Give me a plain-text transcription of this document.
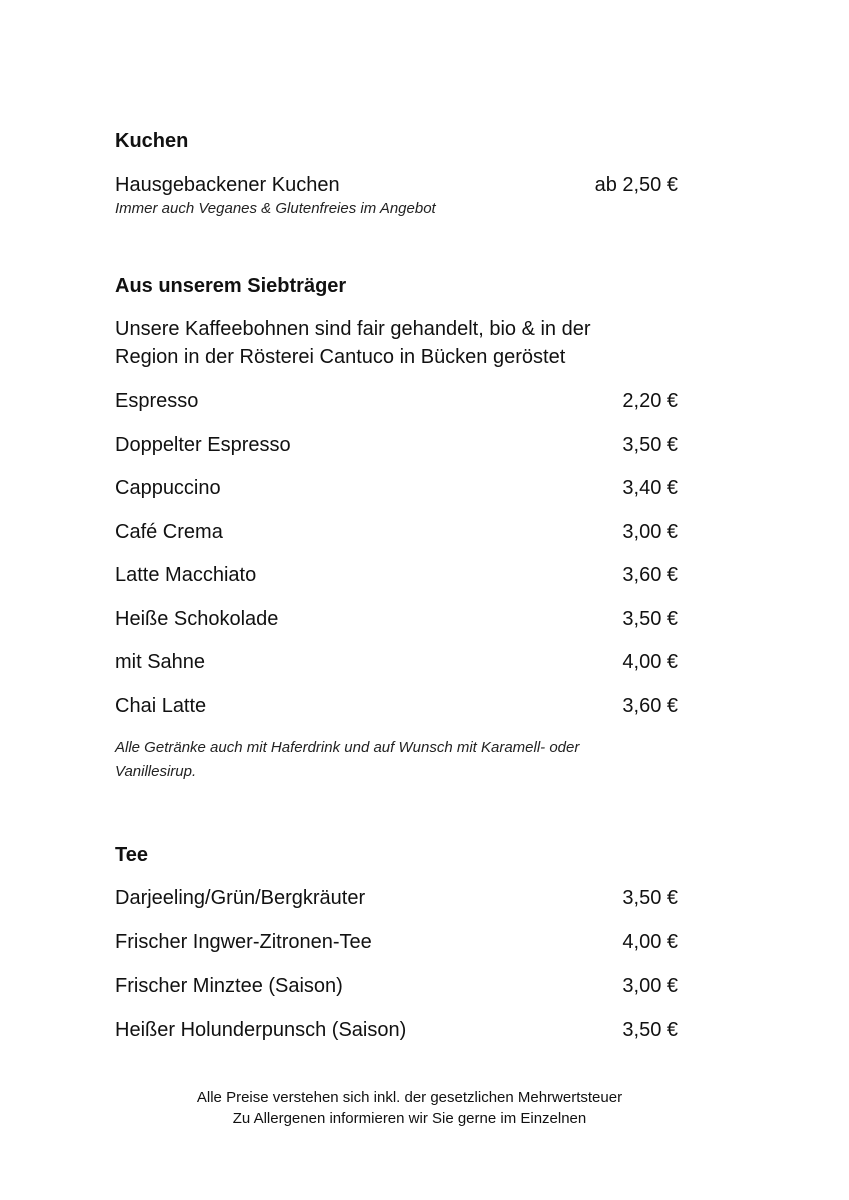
Kuchen
Hausgebackener Kuchen	ab 2,50 €
Immer auch Veganes & Glutenfreies im Angebot
Aus unserem Siebträger
Unsere Kaffeebohnen sind fair gehandelt, bio & in der
Region in der Rösterei Cantuco in Bücken geröstet
Espresso	2,20 €
Doppelter Espresso	3,50 €
Cappuccino	3,40 €
Café Crema	3,00 €
Latte Macchiato	3,60 €
Heiße Schokolade	3,50 €
mit Sahne	4,00 €
Chai Latte	3,60 €
Alle Getränke auch mit Haferdrink und auf Wunsch mit Karamell- oder
Vanillesirup.
Tee
Darjeeling/Grün/Bergkräuter	3,50 €
Frischer Ingwer-Zitronen-Tee	4,00 €
Frischer Minztee (Saison)	3,00 €
Heißer Holunderpunsch (Saison)	3,50 €
Alle Preise verstehen sich inkl. der gesetzlichen Mehrwertsteuer
Zu Allergenen informieren wir Sie gerne im Einzelnen
